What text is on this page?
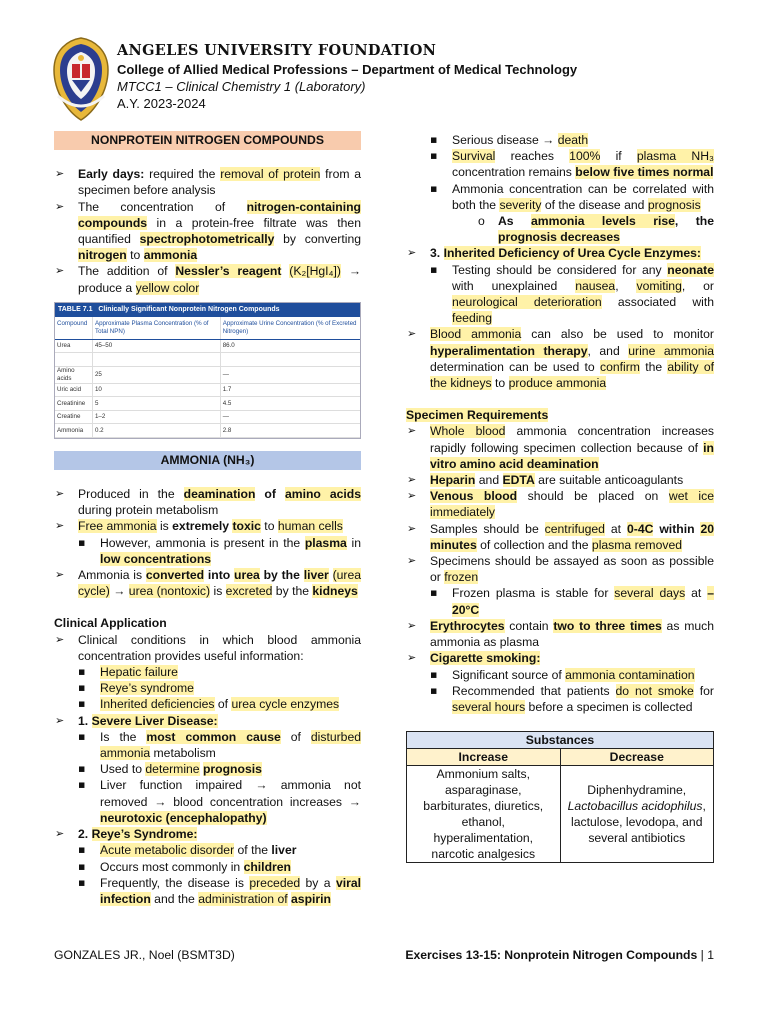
ANGELES UNIVERSITY FOUNDATION
College of Allied Medical Professions – Department of Medical Technology
MTCC1 – Clinical Chemistry 1 (Laboratory)
A.Y. 2023-2024
NONPROTEIN NITROGEN COMPOUNDS
➢ Early days: required the removal of protein from a specimen before analysis
➢ The concentration of nitrogen-containing compounds in a protein-free filtrate was then quantified spectrophotometrically by converting nitrogen to ammonia
➢ The addition of Nessler’s reagent (K₂[HgI₄]) → produce a yellow color
TABLE 7.1 Clinically Significant Nonprotein Nitrogen Compounds
Compound	Approximate Plasma Concentration (% of Total NPN)	Approximate Urine Concentration (% of Excreted Nitrogen)
Urea	45–50	86.0

Amino acids	25	—
Uric acid	10	1.7
Creatinine	5	4.5
Creatine	1–2	—
Ammonia	0.2	2.8
AMMONIA (NH₃)
➢ Produced in the deamination of amino acids during protein metabolism
➢ Free ammonia is extremely toxic to human cells
▪ However, ammonia is present in the plasma in low concentrations
➢ Ammonia is converted into urea by the liver (urea cycle) → urea (nontoxic) is excreted by the kidneys
Clinical Application
➢ Clinical conditions in which blood ammonia concentration provides useful information:
▪ Hepatic failure
▪ Reye’s syndrome
▪ Inherited deficiencies of urea cycle enzymes
➢ 1. Severe Liver Disease:
▪ Is the most common cause of disturbed ammonia metabolism
▪ Used to determine prognosis
▪ Liver function impaired → ammonia not removed → blood concentration increases → neurotoxic (encephalopathy)
➢ 2. Reye’s Syndrome:
▪ Acute metabolic disorder of the liver
▪ Occurs most commonly in children
▪ Frequently, the disease is preceded by a viral infection and the administration of aspirin
▪ Serious disease → death
▪ Survival reaches 100% if plasma NH₃ concentration remains below five times normal
▪ Ammonia concentration can be correlated with both the severity of the disease and prognosis
o As ammonia levels rise, the prognosis decreases
➢ 3. Inherited Deficiency of Urea Cycle Enzymes:
▪ Testing should be considered for any neonate with unexplained nausea, vomiting, or neurological deterioration associated with feeding
➢ Blood ammonia can also be used to monitor hyperalimentation therapy, and urine ammonia determination can be used to confirm the ability of the kidneys to produce ammonia
Specimen Requirements
➢ Whole blood ammonia concentration increases rapidly following specimen collection because of in vitro amino acid deamination
➢ Heparin and EDTA are suitable anticoagulants
➢ Venous blood should be placed on wet ice immediately
➢ Samples should be centrifuged at 0-4C within 20 minutes of collection and the plasma removed
➢ Specimens should be assayed as soon as possible or frozen
▪ Frozen plasma is stable for several days at –20°C
➢ Erythrocytes contain two to three times as much ammonia as plasma
➢ Cigarette smoking:
▪ Significant source of ammonia contamination
▪ Recommended that patients do not smoke for several hours before a specimen is collected
Substances	
Increase	Decrease
Ammonium salts, asparaginase, barbiturates, diuretics, ethanol, hyperalimentation, narcotic analgesics	Diphenhydramine, Lactobacillus acidophilus, lactulose, levodopa, and several antibiotics
GONZALES JR., Noel (BSMT3D)	Exercises 13-15: Nonprotein Nitrogen Compounds | 1
